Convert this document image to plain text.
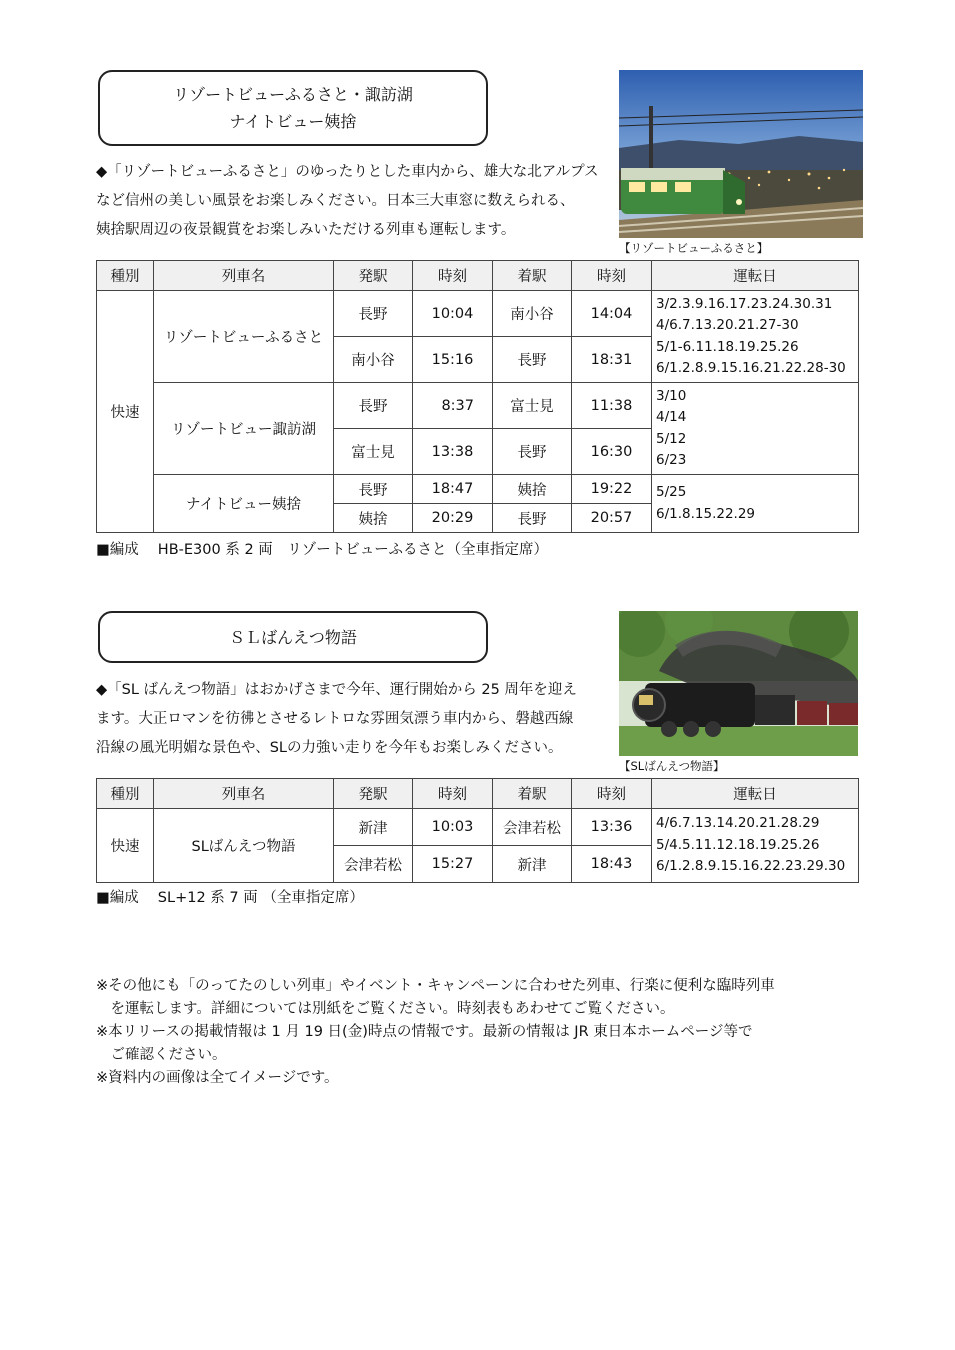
リゾートビューふるさと・諏訪湖
ナイトビュー姨捨
◆「リゾートビューふるさと」のゆったりとした車内から、雄大な北アルプス
など信州の美しい風景をお楽しみください。日本三大車窓に数えられる、
姨捨駅周辺の夜景観賞をお楽しみいただける列車も運転します。
【リゾートビューふるさと】
種別	列車名	発駅	時刻	着駅	時刻	運転日
快速	リゾートビューふるさと	長野	10:04	南小谷	14:04	3/2.3.9.16.17.23.24.30.31
4/6.7.13.20.21.27-30
5/1-6.11.18.19.25.26
6/1.2.8.9.15.16.21.22.28-30

		南小谷	15:16	長野	18:31	
	リゾートビュー諏訪湖	長野	8:37	富士見	11:38	3/10
4/14
5/12
6/23

		富士見	13:38	長野	16:30	
	ナイトビュー姨捨	長野	18:47	姨捨	19:22	5/25
6/1.8.15.22.29

		姨捨	20:29	長野	20:57	
■編成　 HB-E300 系 2 両　リゾートビューふるさと（全車指定席）
ＳＬばんえつ物語
◆「SL ばんえつ物語」はおかげさまで今年、運行開始から 25 周年を迎え
ます。大正ロマンを彷彿とさせるレトロな雰囲気漂う車内から、磐越西線
沿線の風光明媚な景色や、SLの力強い走りを今年もお楽しみください。
【SLばんえつ物語】
種別	列車名	発駅	時刻	着駅	時刻	運転日
快速	SLばんえつ物語	新津	10:03	会津若松	13:36	4/6.7.13.14.20.21.28.29
5/4.5.11.12.18.19.25.26
6/1.2.8.9.15.16.22.23.29.30

		会津若松	15:27	新津	18:43	
■編成　 SL+12 系 7 両 （全車指定席）
※その他にも「のってたのしい列車」やイベント・キャンペーンに合わせた列車、行楽に便利な臨時列車
　を運転します。詳細については別紙をご覧ください。時刻表もあわせてご覧ください。
※本リリースの掲載情報は 1 月 19 日(金)時点の情報です。最新の情報は JR 東日本ホームページ等で
　ご確認ください。
※資料内の画像は全てイメージです。
